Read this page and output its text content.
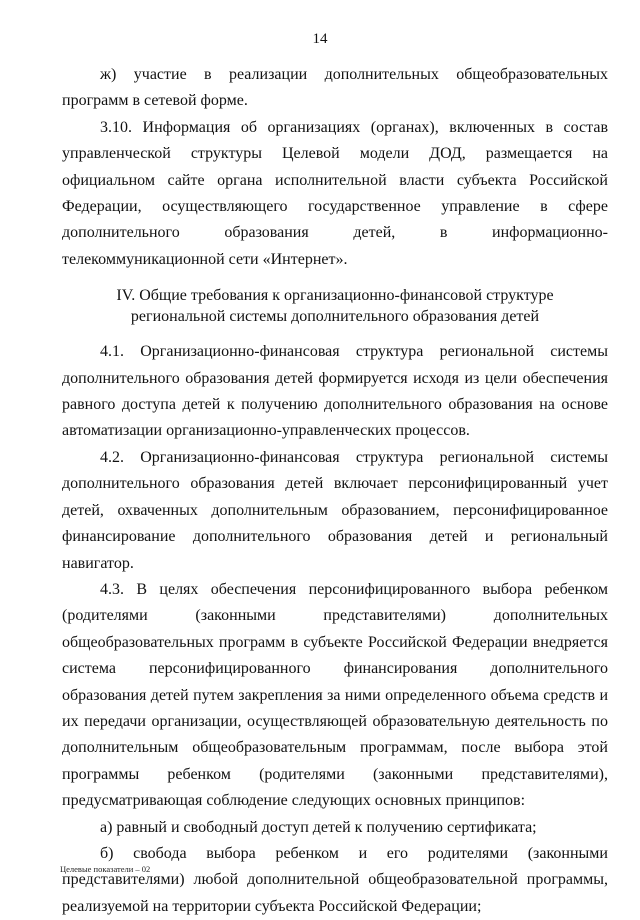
14

ж) участие в реализации дополнительных общеобразовательных программ в сетевой форме.

3.10. Информация об организациях (органах), включенных в состав управленческой структуры Целевой модели ДОД, размещается на официальном сайте органа исполнительной власти субъекта Российской Федерации, осуществляющего государственное управление в сфере дополнительного образования детей, в информационно-телекоммуникационной сети «Интернет».

IV. Общие требования к организационно-финансовой структуре
региональной системы дополнительного образования детей

4.1. Организационно-финансовая структура региональной системы дополнительного образования детей формируется исходя из цели обеспечения равного доступа детей к получению дополнительного образования на основе автоматизации организационно-управленческих процессов.

4.2. Организационно-финансовая структура региональной системы дополнительного образования детей включает персонифицированный учет детей, охваченных дополнительным образованием, персонифицированное финансирование дополнительного образования детей и региональный навигатор.

4.3. В целях обеспечения персонифицированного выбора ребенком (родителями (законными представителями) дополнительных общеобразовательных программ в субъекте Российской Федерации внедряется система персонифицированного финансирования дополнительного образования детей путем закрепления за ними определенного объема средств и их передачи организации, осуществляющей образовательную деятельность по дополнительным общеобразовательным программам, после выбора этой программы ребенком (родителями (законными представителями), предусматривающая соблюдение следующих основных принципов:

а) равный и свободный доступ детей к получению сертификата;

б) свобода выбора ребенком и его родителями (законными представителями) любой дополнительной общеобразовательной программы, реализуемой на территории субъекта Российской Федерации;

Целевые показатели – 02
